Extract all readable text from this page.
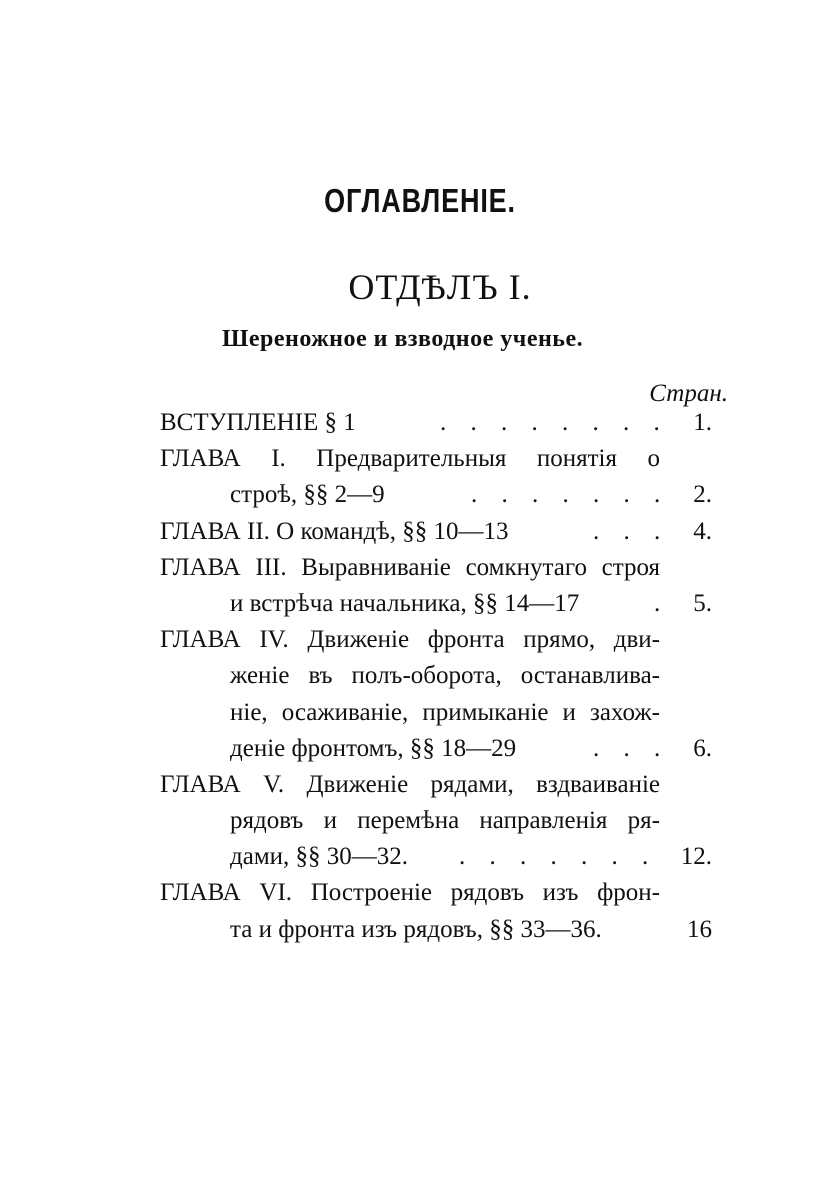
ОГЛАВЛЕНІЕ.
ОТДѢЛЪ I.
Шереножное и взводное ученье.
Стран.
ВСТУПЛЕНІЕ § 1	. . . . . . . . 1.
ГЛАВА I. Предварительныя понятія о
строѣ, §§ 2—9	. . . . . . . 2.
ГЛАВА II. О командѣ, §§ 10—13	. . . 4.
ГЛАВА III. Выравниваніе сомкнутаго строя
и встрѣча начальника, §§ 14—17	. 5.
ГЛАВА IV. Движеніе фронта прямо, дви-
женіе въ полъ-оборота, останавлива-
ніе, осаживаніе, примыканіе и захож-
деніе фронтомъ, §§ 18—29	. . . 6.
ГЛАВА V. Движеніе рядами, вздваиваніе
рядовъ и перемѣна направленія ря-
дами, §§ 30—32. . . . . . . . 12.
ГЛАВА VI. Построеніе рядовъ изъ фрон-
та и фронта изъ рядовъ, §§ 33—36.	16
